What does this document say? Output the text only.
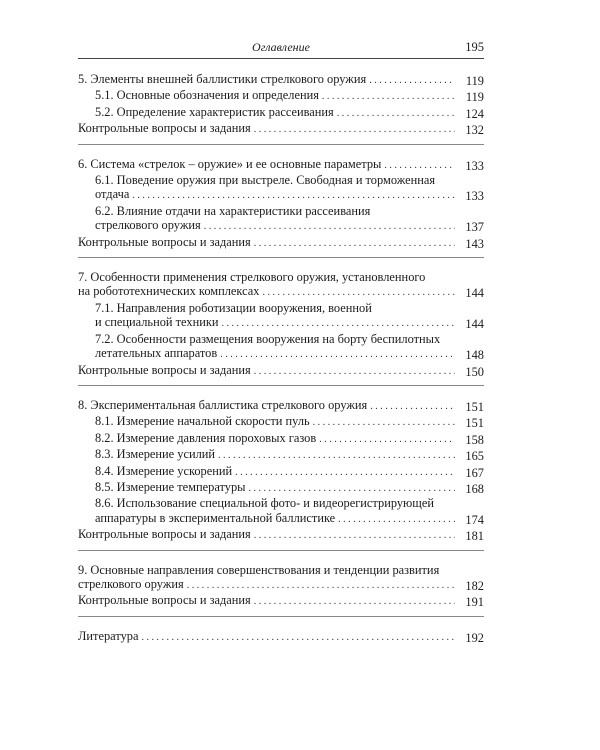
Оглавление	195
5. Элементы внешней баллистики стрелкового оружия . . .	119
5.1. Основные обозначения и определения . . .	119
5.2. Определение характеристик рассеивания . . .	124
Контрольные вопросы и задания . . .	132
6. Система «стрелок – оружие» и ее основные параметры . . .	133
6.1. Поведение оружия при выстреле. Свободная и торможенная
отдача . . .	133
6.2. Влияние отдачи на характеристики рассеивания
стрелкового оружия . . .	137
Контрольные вопросы и задания . . .	143
7. Особенности применения стрелкового оружия, установленного
на робототехнических комплексах . . .	144
7.1. Направления роботизации вооружения, военной
и специальной техники . . .	144
7.2. Особенности размещения вооружения на борту беспилотных
летательных аппаратов . . .	148
Контрольные вопросы и задания . . .	150
8. Экспериментальная баллистика стрелкового оружия . . .	151
8.1. Измерение начальной скорости пуль . . .	151
8.2. Измерение давления пороховых газов . . .	158
8.3. Измерение усилий . . .	165
8.4. Измерение ускорений . . .	167
8.5. Измерение температуры . . .	168
8.6. Использование специальной фото- и видеорегистрирующей
аппаратуры в экспериментальной баллистике . . .	174
Контрольные вопросы и задания . . .	181
9. Основные направления совершенствования и тенденции развития
стрелкового оружия . . .	182
Контрольные вопросы и задания . . .	191
Литература . . .	192
